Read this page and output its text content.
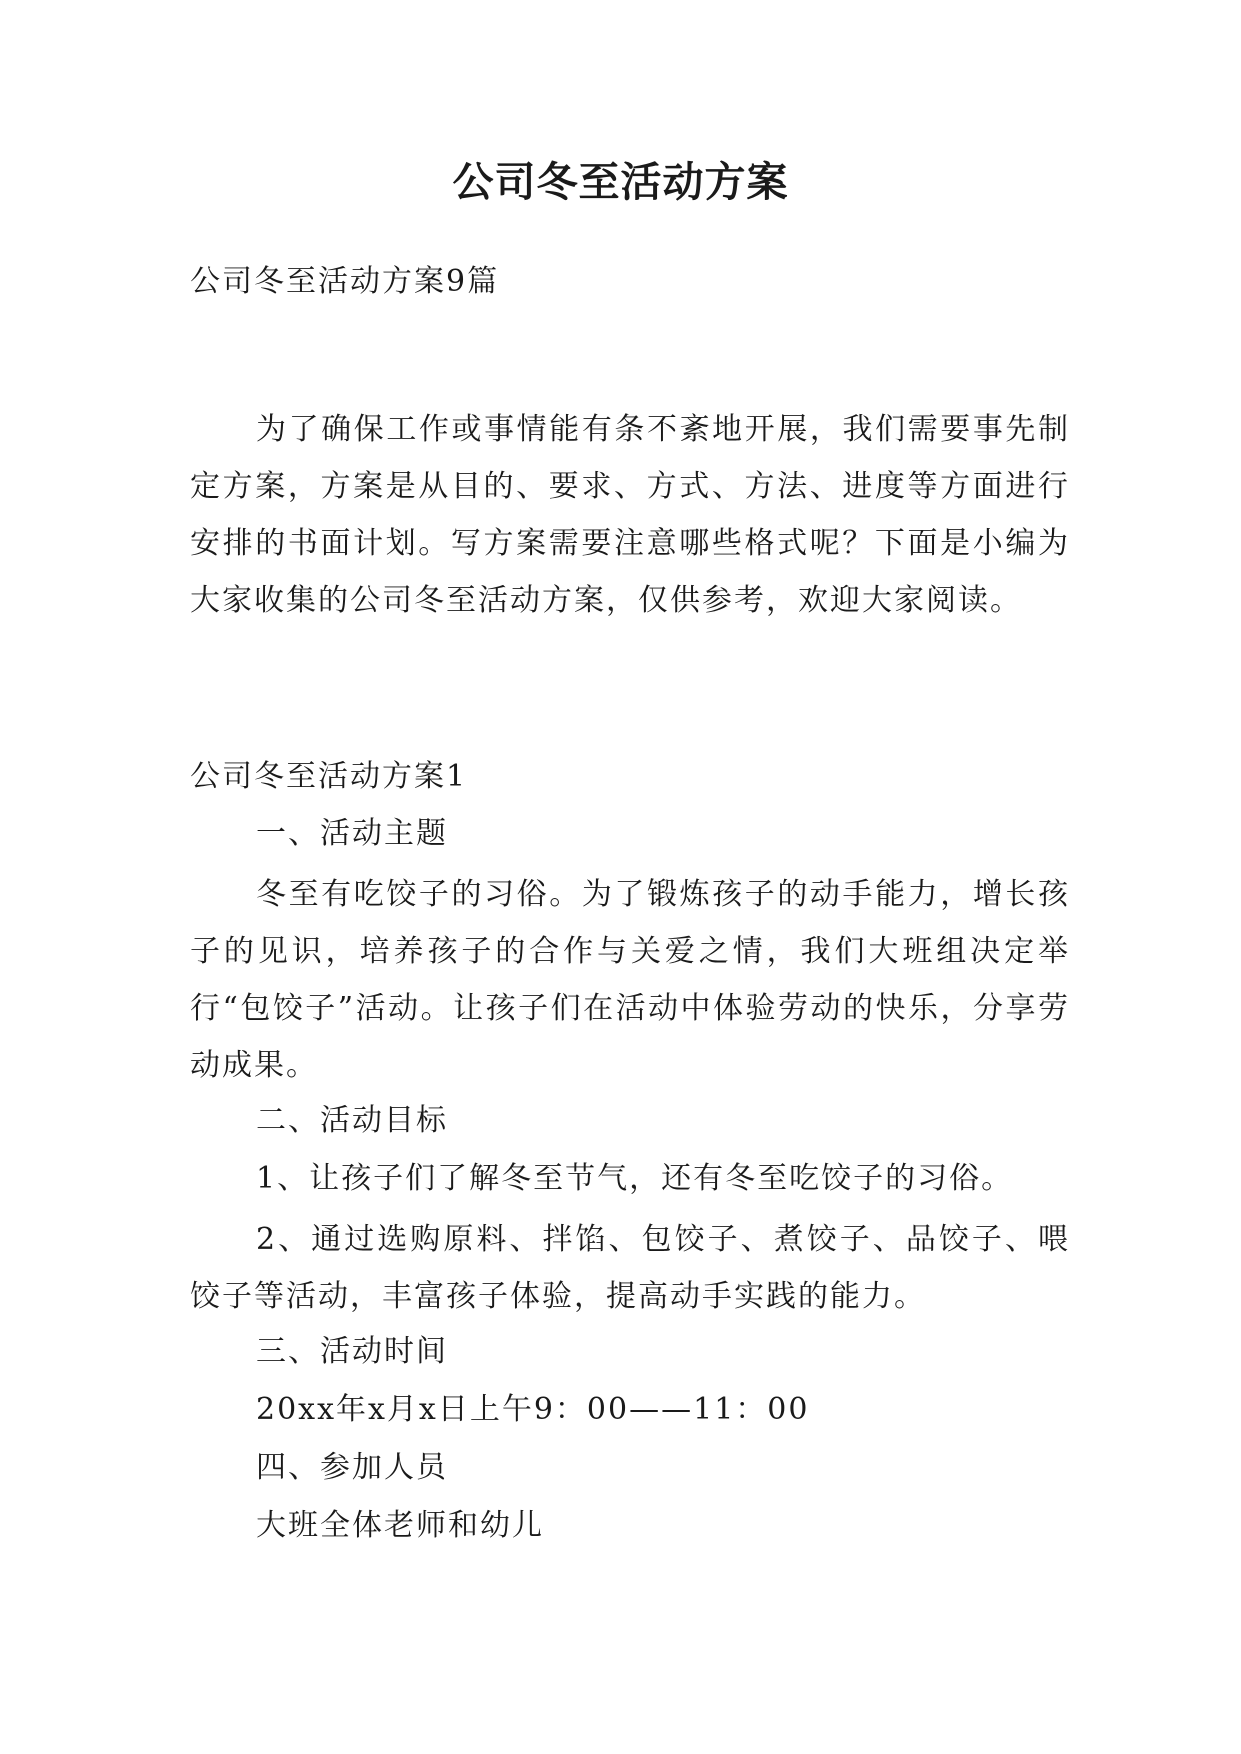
公司冬至活动方案
公司冬至活动方案9篇
为了确保工作或事情能有条不紊地开展，我们需要事先制定方案，方案是从目的、要求、方式、方法、进度等方面进行安排的书面计划。写方案需要注意哪些格式呢？下面是小编为大家收集的公司冬至活动方案，仅供参考，欢迎大家阅读。
公司冬至活动方案1
一、活动主题
冬至有吃饺子的习俗。为了锻炼孩子的动手能力，增长孩子的见识，培养孩子的合作与关爱之情，我们大班组决定举行“包饺子”活动。让孩子们在活动中体验劳动的快乐，分享劳动成果。
二、活动目标
1、让孩子们了解冬至节气，还有冬至吃饺子的习俗。
2、通过选购原料、拌馅、包饺子、煮饺子、品饺子、喂饺子等活动，丰富孩子体验，提高动手实践的能力。
三、活动时间
20xx年x月x日上午9：00——11：00
四、参加人员
大班全体老师和幼儿
